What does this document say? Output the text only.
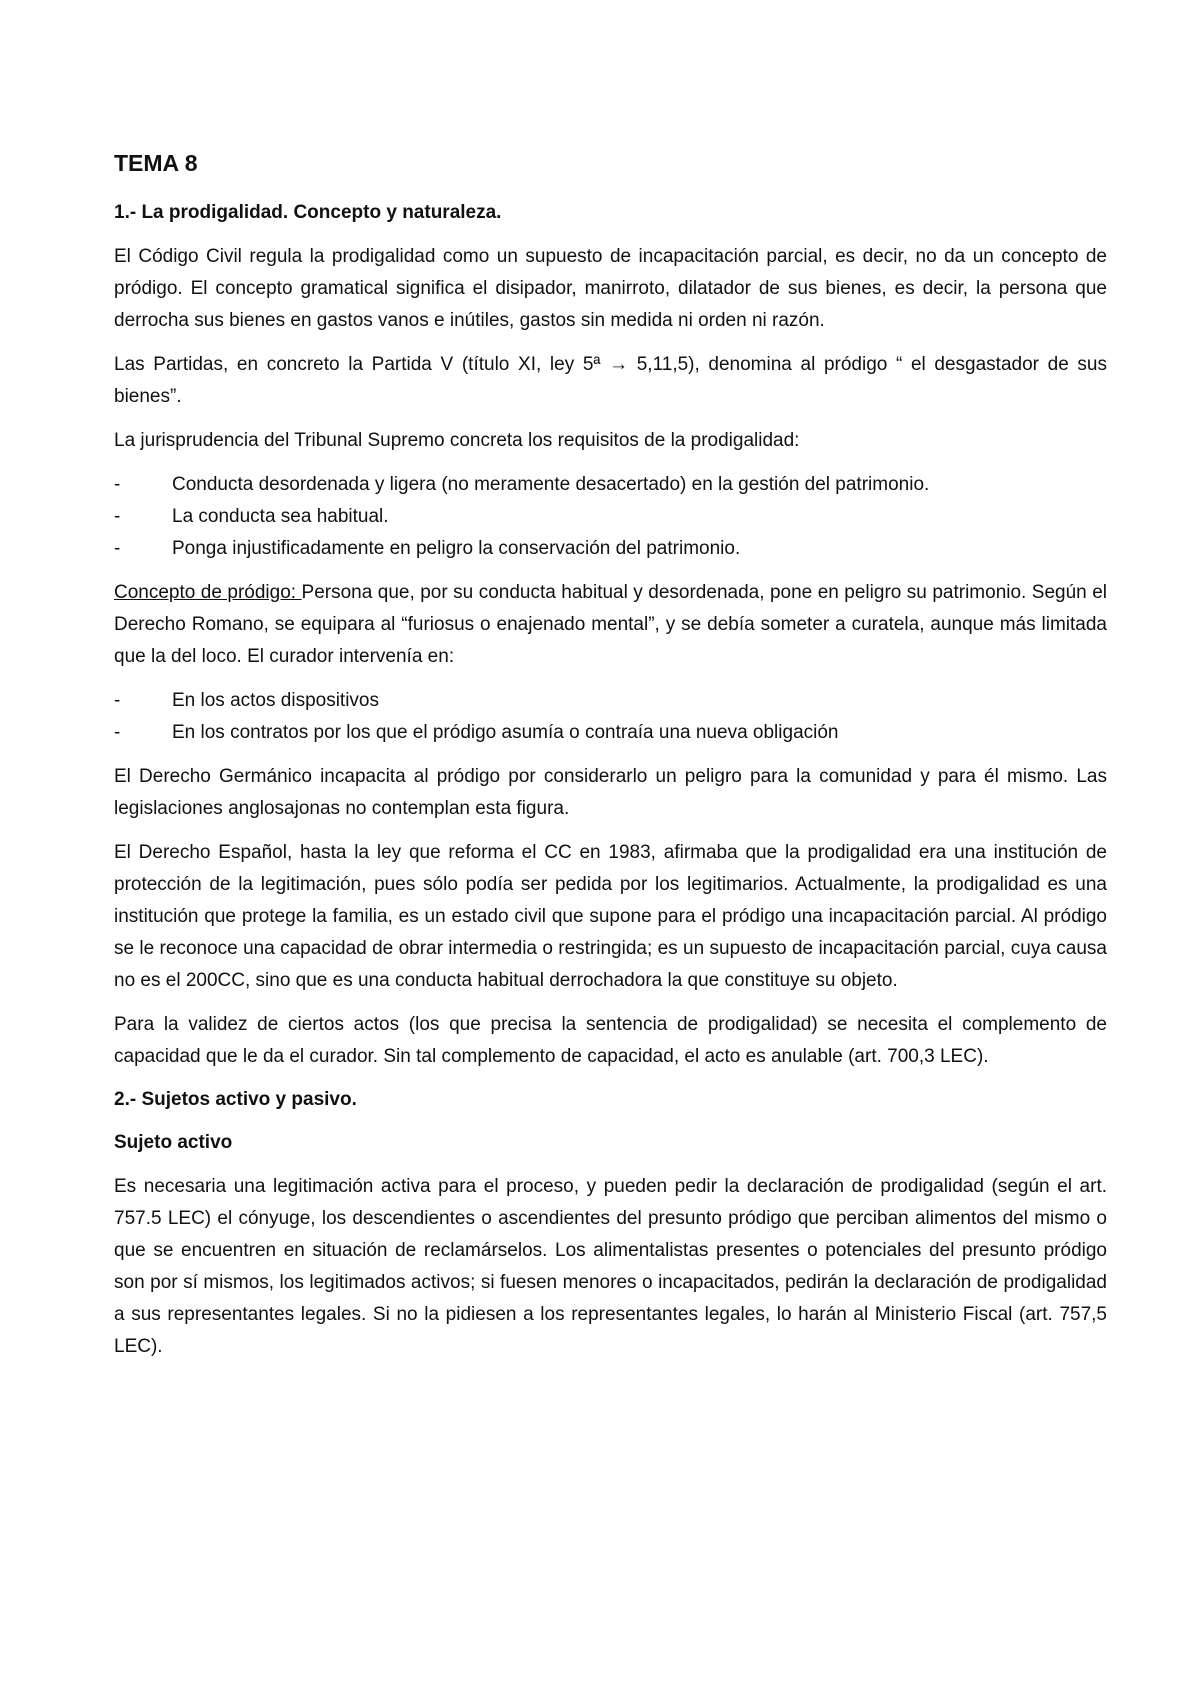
TEMA 8
1.- La prodigalidad. Concepto y naturaleza.

El Código Civil regula la prodigalidad como un supuesto de incapacitación parcial, es decir, no da un concepto de pródigo. El concepto gramatical significa el disipador, manirroto, dilatador de sus bienes, es decir, la persona que derrocha sus bienes en gastos vanos e inútiles, gastos sin medida ni orden ni razón.

Las Partidas, en concreto la Partida V (título XI, ley 5ª → 5,11,5), denomina al pródigo “ el desgastador de sus bienes”.

La jurisprudencia del Tribunal Supremo concreta los requisitos de la prodigalidad:

-	Conducta desordenada y ligera (no meramente desacertado) en la gestión del patrimonio.
-	La conducta sea habitual.
-	Ponga injustificadamente en peligro la conservación del patrimonio.

Concepto de pródigo: Persona que, por su conducta habitual y desordenada, pone en peligro su patrimonio. Según el Derecho Romano, se equipara al “furiosus o enajenado mental”, y se debía someter a curatela, aunque más limitada que la del loco. El curador intervenía en:

-	En los actos dispositivos
-	En los contratos por los que el pródigo asumía o contraía una nueva obligación

El Derecho Germánico incapacita al pródigo por considerarlo un peligro para la comunidad y para él mismo. Las legislaciones anglosajonas no contemplan esta figura.

El Derecho Español, hasta la ley que reforma el CC en 1983, afirmaba que la prodigalidad era una institución de protección de la legitimación, pues sólo podía ser pedida por los legitimarios. Actualmente, la prodigalidad es una institución que protege la familia, es un estado civil que supone para el pródigo una incapacitación parcial. Al pródigo se le reconoce una capacidad de obrar intermedia o restringida; es un supuesto de incapacitación parcial, cuya causa no es el 200CC, sino que es una conducta habitual derrochadora la que constituye su objeto.

Para la validez de ciertos actos (los que precisa la sentencia de prodigalidad) se necesita el complemento de capacidad que le da el curador. Sin tal complemento de capacidad, el acto es anulable (art. 700,3 LEC).

2.- Sujetos activo y pasivo.
Sujeto activo

Es necesaria una legitimación activa para el proceso, y pueden pedir la declaración de prodigalidad (según el art. 757.5 LEC) el cónyuge, los descendientes o ascendientes del presunto pródigo que perciban alimentos del mismo o que se encuentren en situación de reclamárselos. Los alimentalistas presentes o potenciales del presunto pródigo son por sí mismos, los legitimados activos; si fuesen menores o incapacitados, pedirán la declaración de prodigalidad a sus representantes legales. Si no la pidiesen a los representantes legales, lo harán al Ministerio Fiscal (art. 757,5 LEC).
